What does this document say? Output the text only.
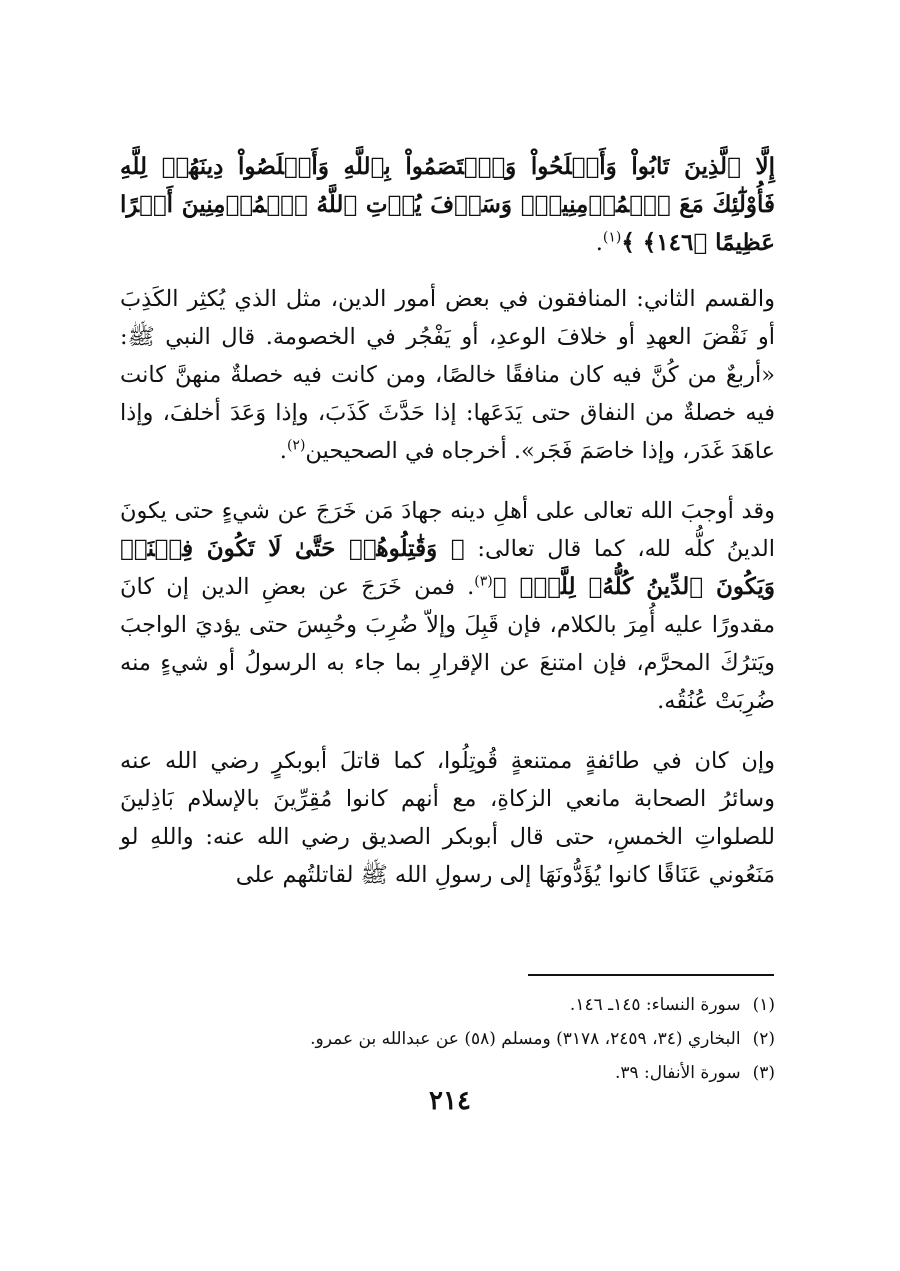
إِلَّا ٱلَّذِينَ تَابُواْ وَأَصۡلَحُواْ وَٱعۡتَصَمُواْ بِٱللَّهِ وَأَخۡلَصُواْ دِينَهُمۡ لِلَّهِ فَأُوْلَٰٓئِكَ مَعَ ٱلۡمُؤۡمِنِينَۖ وَسَوۡفَ يُؤۡتِ ٱللَّهُ ٱلۡمُؤۡمِنِينَ أَجۡرًا عَظِيمًا ﴿١٤٦﴾ ﴾$^{(١)}$.

والقسم الثاني: المنافقون في بعض أمور الدين، مثل الذي يُكثِر الكَذِبَ أو نَقْضَ العهدِ أو خلافَ الوعدِ، أو يَفْجُر في الخصومة. قال النبي ﷺ: «أربعٌ من كُنَّ فيه كان منافقًا خالصًا، ومن كانت فيه خصلةٌ منهنَّ كانت فيه خصلةٌ من النفاق حتى يَدَعَها: إذا حَدَّثَ كَذَبَ، وإذا وَعَدَ أخلفَ، وإذا عاهَدَ غَدَر، وإذا خاصَمَ فَجَر». أخرجاه في الصحيحين$^{(٢)}$.

وقد أوجبَ الله تعالى على أهلِ دينه جهادَ مَن خَرَجَ عن شيءٍ حتى يكونَ الدينُ كلُّه لله، كما قال تعالى: ﴿ وَقَٰتِلُوهُمۡ حَتَّىٰ لَا تَكُونَ فِتۡنَةٞ وَيَكُونَ ٱلدِّينُ كُلُّهُۥ لِلَّهِۚ ﴾$^{(٣)}$. فمن خَرَجَ عن بعضِ الدين إن كانَ مقدورًا عليه أُمِرَ بالكلام، فإن قَبِلَ وإلاّ ضُرِبَ وحُبِسَ حتى يؤديَ الواجبَ ويَترُكَ المحرَّم، فإن امتنعَ عن الإقرارِ بما جاء به الرسولُ أو شيءٍ منه ضُرِبَتْ عُنُقُه.

وإن كان في طائفةٍ ممتنعةٍ قُوتِلُوا، كما قاتلَ أبوبكرٍ رضي الله عنه وسائرُ الصحابة مانعي الزكاةِ، مع أنهم كانوا مُقِرِّينَ بالإسلام بَاذِلينَ للصلواتِ الخمسِ، حتى قال أبوبكر الصديق رضي الله عنه: واللهِ لو مَنَعُوني عَنَاقًا كانوا يُؤَدُّونَهَا إلى رسولِ الله ﷺ لقاتلتُهم على

(١)سورة النساء: ١٤٥ـ ١٤٦.
(٢)البخاري (٣٤، ٢٤٥٩، ٣١٧٨) ومسلم (٥٨) عن عبدالله بن عمرو.
(٣)سورة الأنفال: ٣٩.
٢١٤
